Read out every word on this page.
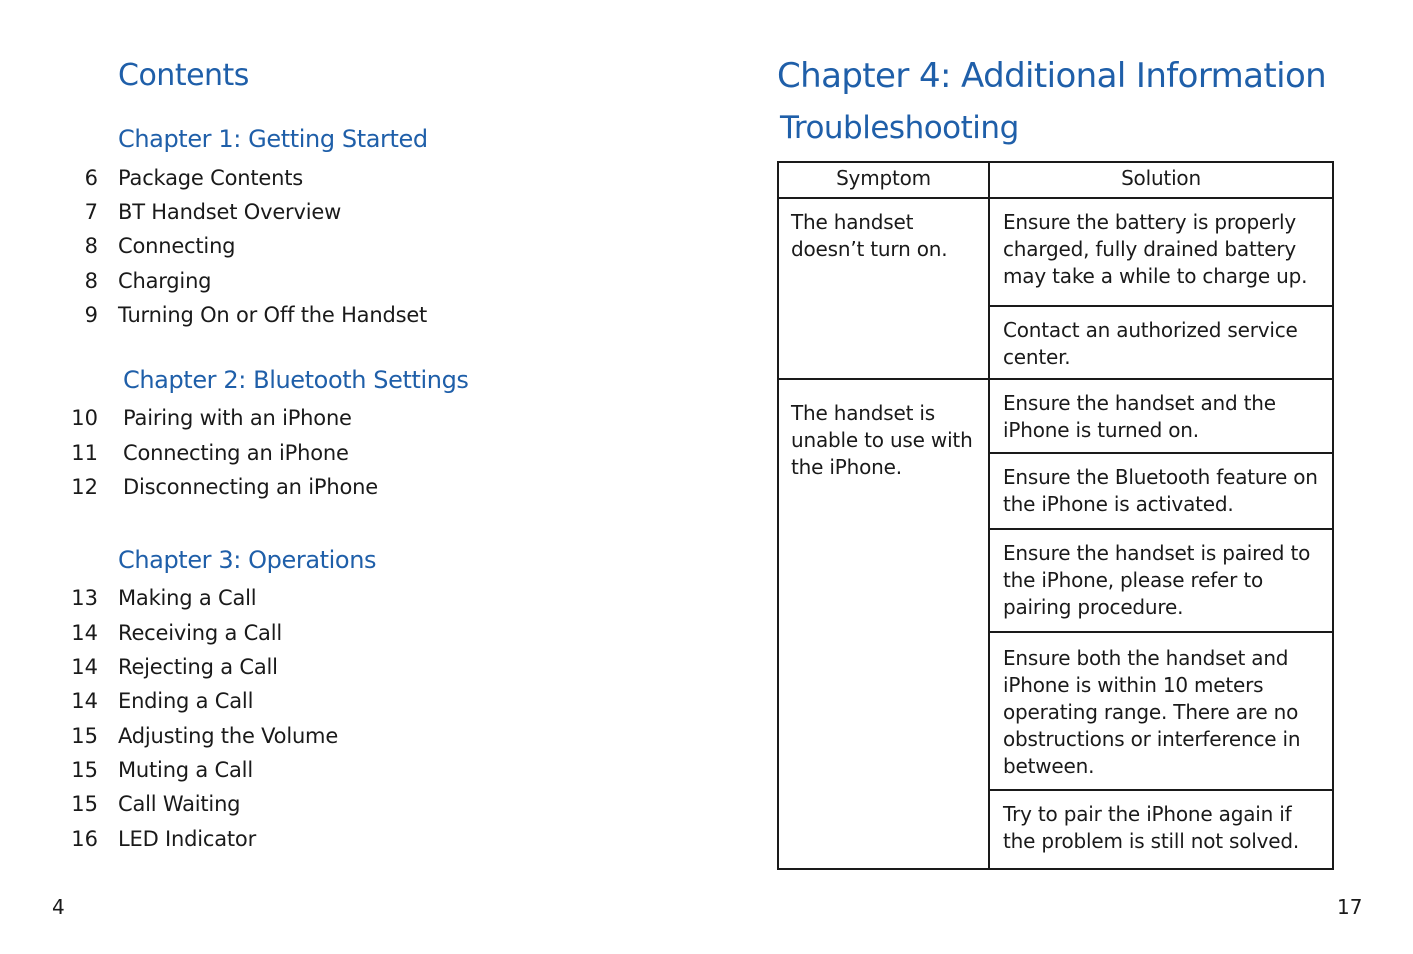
Contents
Chapter 1: Getting Started
6 Package Contents
7 BT Handset Overview
8 Connecting
8 Charging
9 Turning On or Off the Handset
Chapter 2: Bluetooth Settings
10 Pairing with an iPhone
11 Connecting an iPhone
12 Disconnecting an iPhone
Chapter 3: Operations
13 Making a Call
14 Receiving a Call
14 Rejecting a Call
14 Ending a Call
15 Adjusting the Volume
15 Muting a Call
15 Call Waiting
16 LED Indicator
4
Chapter 4: Additional Information
Troubleshooting
Symptom	Solution
The handset doesn’t turn on.	Ensure the battery is properly charged, fully drained battery may take a while to charge up.
	Contact an authorized service center.
The handset is unable to use with the iPhone.	Ensure the handset and the iPhone is turned on.
	Ensure the Bluetooth feature on the iPhone is activated.
	Ensure the handset is paired to the iPhone, please refer to pairing procedure.
	Ensure both the handset and iPhone is within 10 meters operating range. There are no obstructions or interference in between.
	Try to pair the iPhone again if the problem is still not solved.
17
